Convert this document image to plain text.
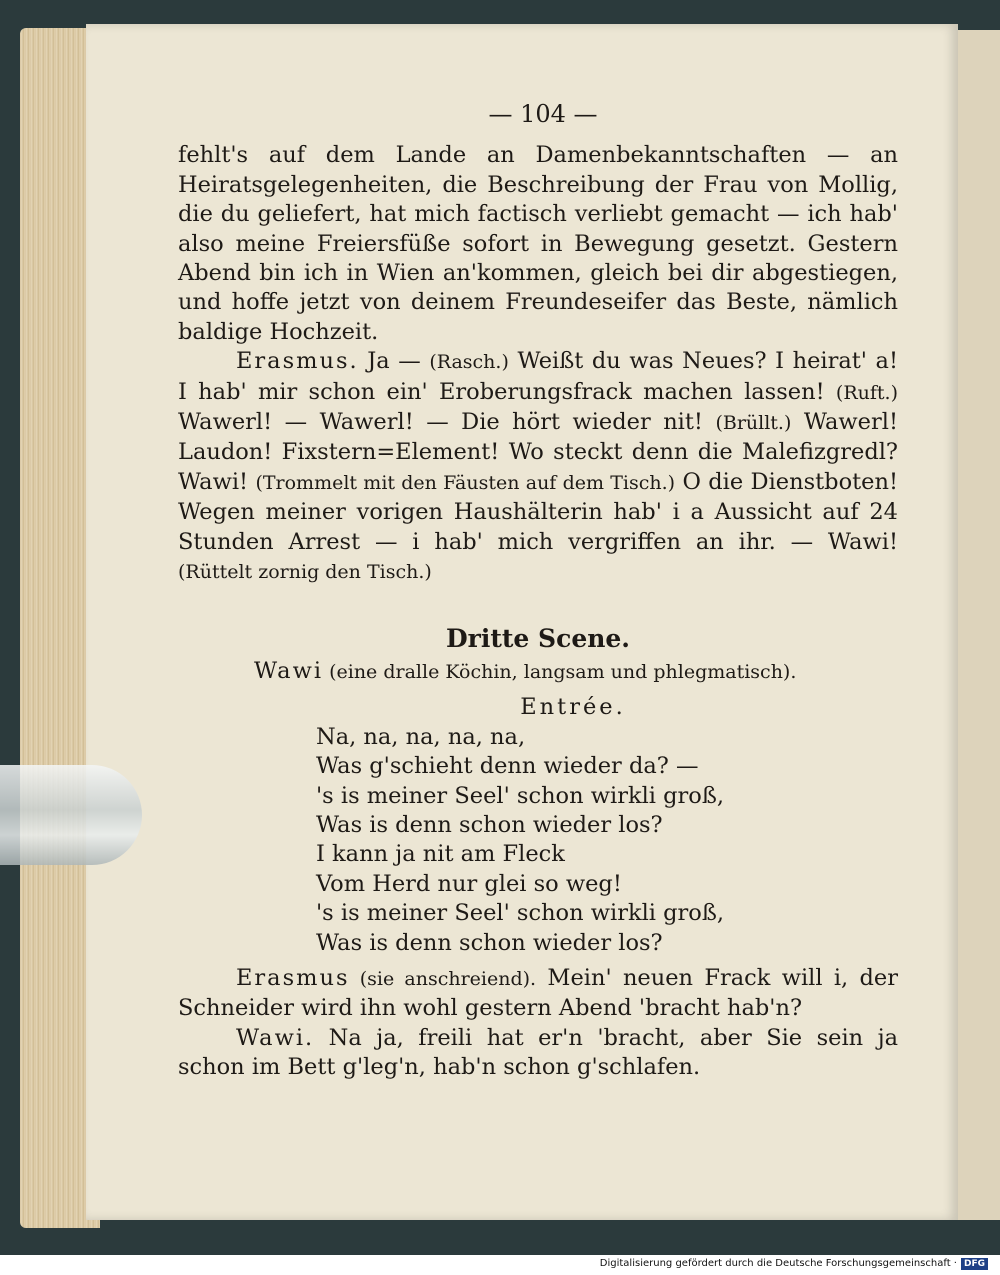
— 104 —

fehlt's auf dem Lande an Damenbekanntschaften — an Heiratsgelegenheiten, die Beschreibung der Frau von Mollig, die du geliefert, hat mich factisch verliebt gemacht — ich hab' also meine Freiersfüße sofort in Bewegung gesetzt. Gestern Abend bin ich in Wien an'kommen, gleich bei dir abgestiegen, und hoffe jetzt von deinem Freundeseifer das Beste, nämlich baldige Hochzeit.

Erasmus. Ja — (Rasch.) Weißt du was Neues? I heirat' a! I hab' mir schon ein' Eroberungsfrack machen lassen! (Ruft.) Wawerl! — Wawerl! — Die hört wieder nit! (Brüllt.) Wawerl! Laudon! Fixstern=Element! Wo steckt denn die Malefizgredl? Wawi! (Trommelt mit den Fäusten auf dem Tisch.) O die Dienstboten! Wegen meiner vorigen Haushälterin hab' i a Aussicht auf 24 Stunden Arrest — i hab' mich vergriffen an ihr. — Wawi! (Rüttelt zornig den Tisch.)

Dritte Scene.
Wawi (eine dralle Köchin, langsam und phlegmatisch).
Entrée.
Na, na, na, na, na,
Was g'schieht denn wieder da? —
's is meiner Seel' schon wirkli groß,
Was is denn schon wieder los?
I kann ja nit am Fleck
Vom Herd nur glei so weg!
's is meiner Seel' schon wirkli groß,
Was is denn schon wieder los?

Erasmus (sie anschreiend). Mein' neuen Frack will i, der Schneider wird ihn wohl gestern Abend 'bracht hab'n?

Wawi. Na ja, freili hat er'n 'bracht, aber Sie sein ja schon im Bett g'leg'n, hab'n schon g'schlafen.

Digitalisierung gefördert durch die Deutsche Forschungsgemeinschaft · DFG
